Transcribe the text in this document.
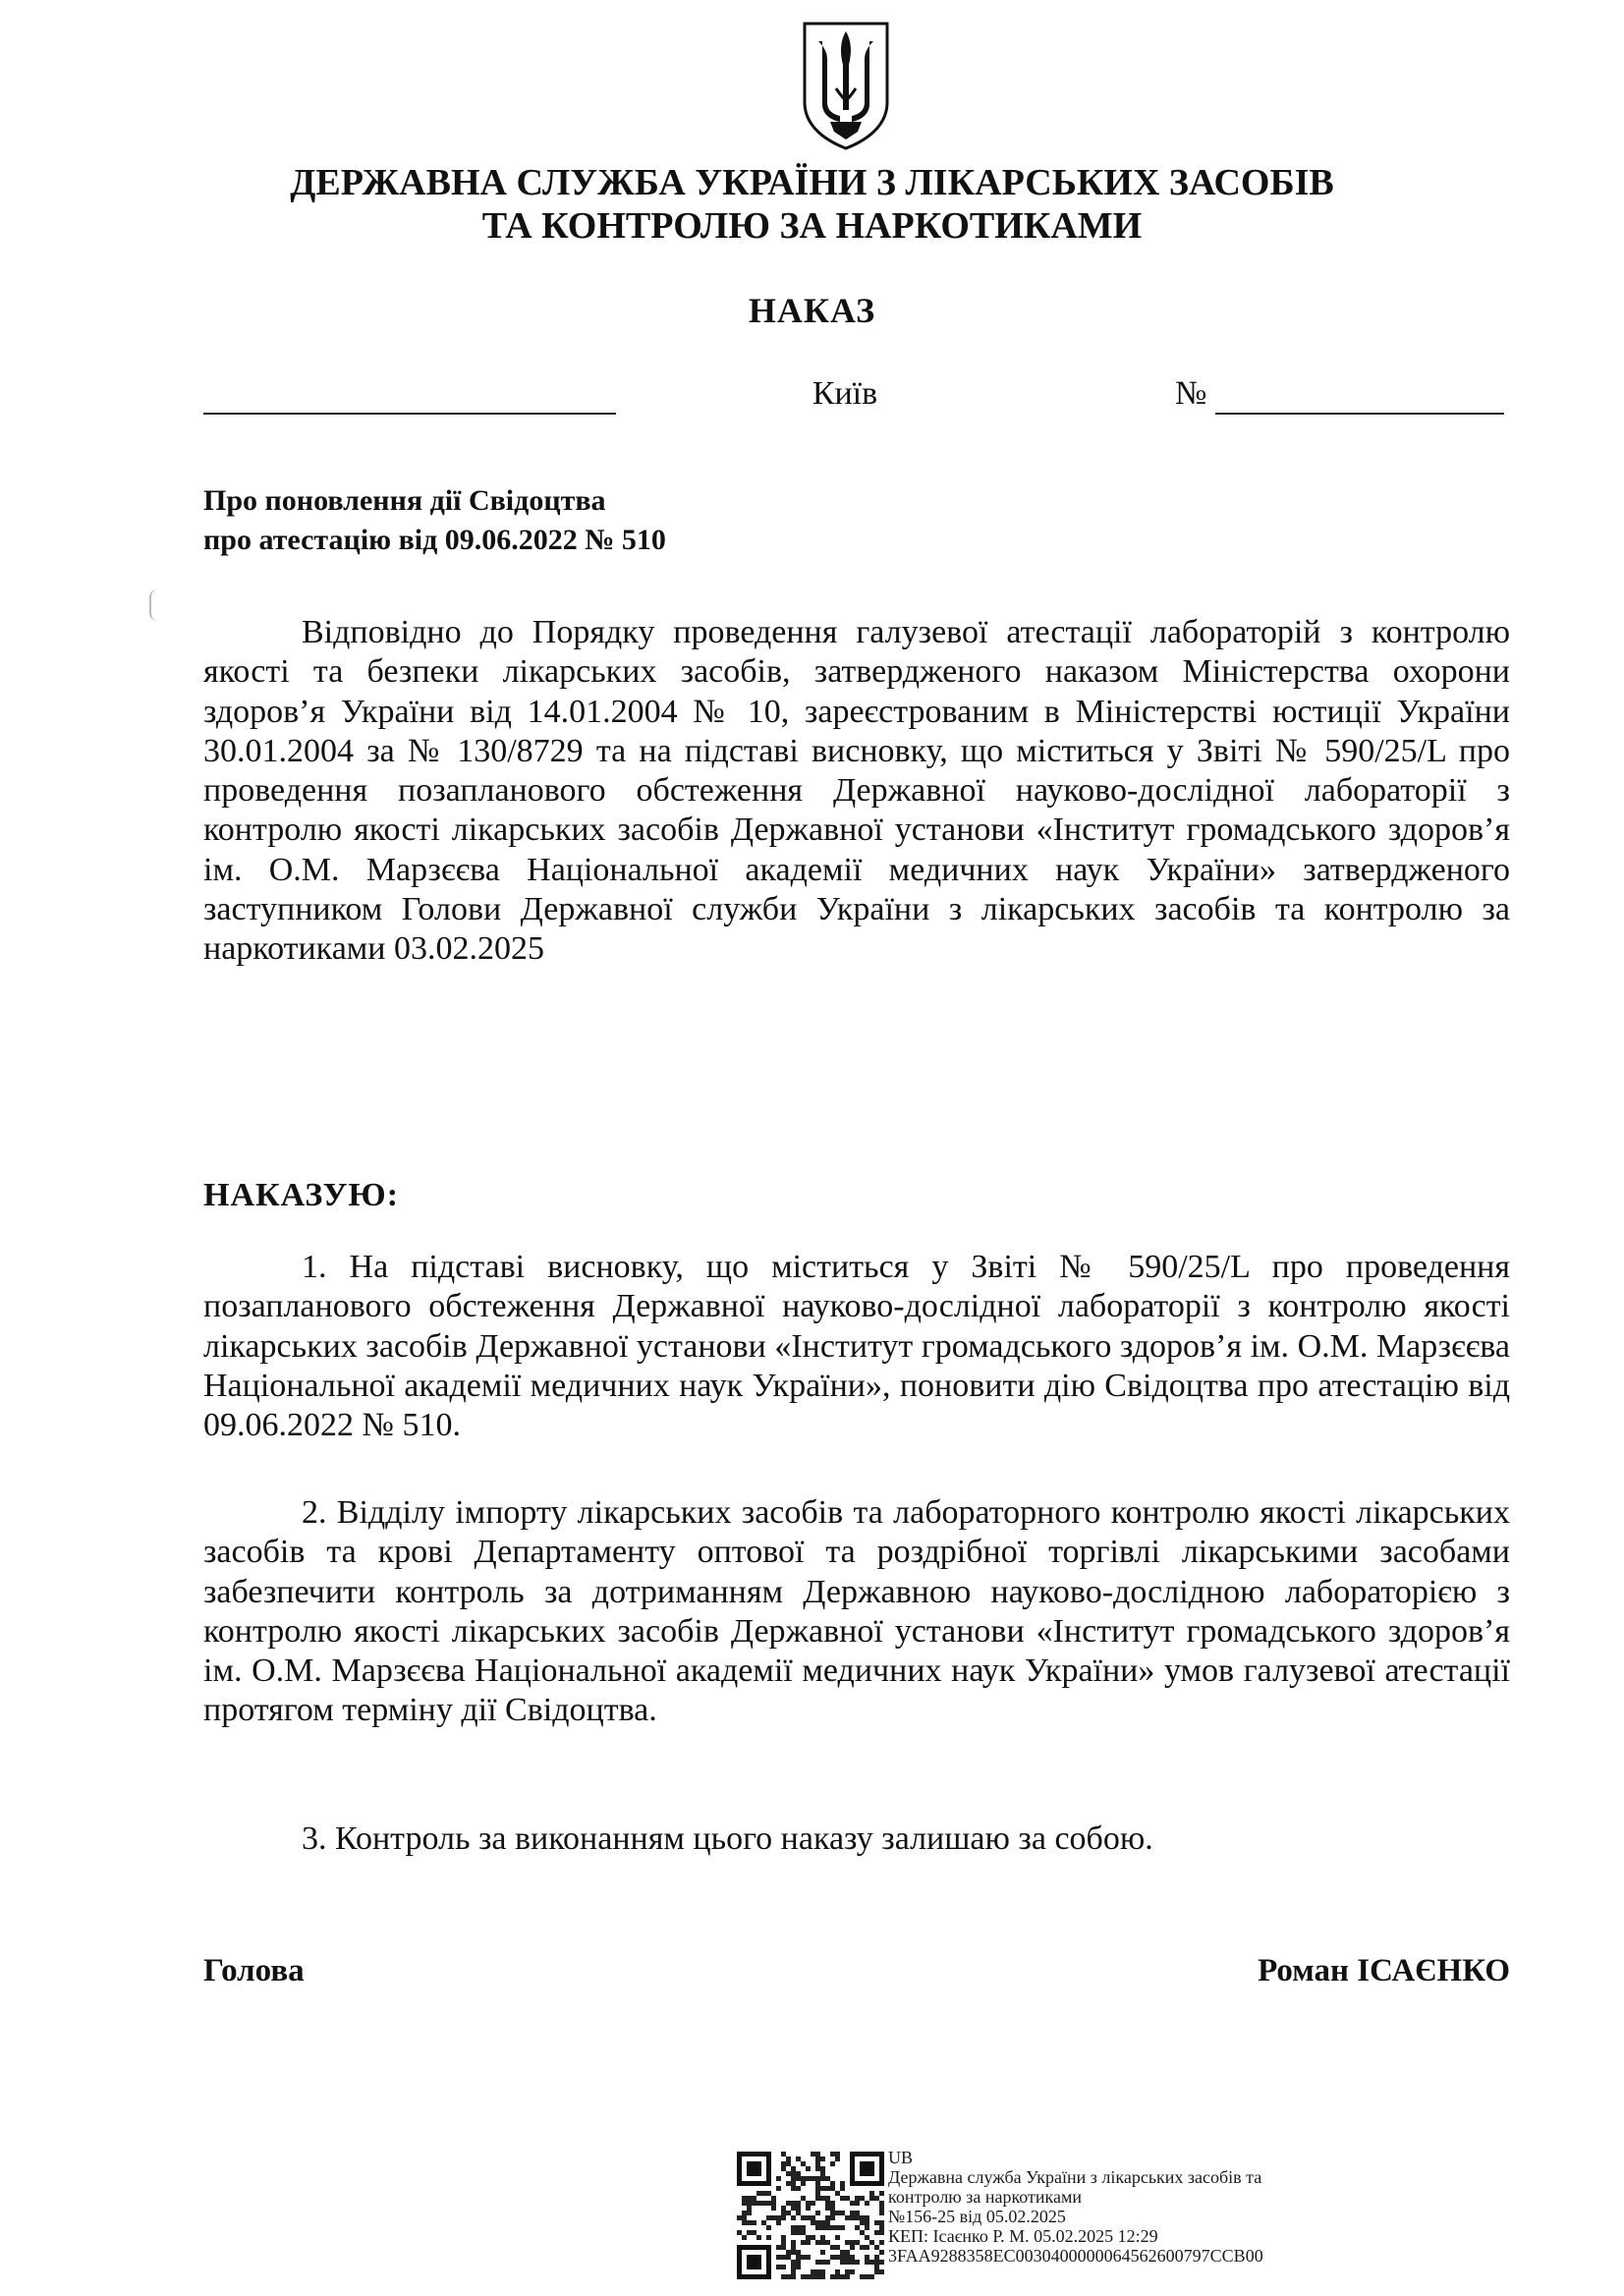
ДЕРЖАВНА СЛУЖБА УКРАЇНИ З ЛІКАРСЬКИХ ЗАСОБІВ
ТА КОНТРОЛЮ ЗА НАРКОТИКАМИ
НАКАЗ
Київ	№
Про поновлення дії Свідоцтва
про атестацію від 09.06.2022 № 510

Відповідно до Порядку проведення галузевої атестації лабораторій з контролю якості та безпеки лікарських засобів, затвердженого наказом Міністерства охорони здоров’я України від 14.01.2004 № 10, зареєстрованим в Міністерстві юстиції України 30.01.2004 за № 130/8729 та на підставі висновку, що міститься у Звіті № 590/25/L про проведення позапланового обстеження Державної науково-дослідної лабораторії з контролю якості лікарських засобів Державної установи «Інститут громадського здоров’я ім. О.М. Марзєєва Національної академії медичних наук України» затвердженого заступником Голови Державної служби України з лікарських засобів та контролю за наркотиками 03.02.2025

НАКАЗУЮ:

1. На підставі висновку, що міститься у Звіті № 590/25/L про проведення позапланового обстеження Державної науково-дослідної лабораторії з контролю якості лікарських засобів Державної установи «Інститут громадського здоров’я ім. О.М. Марзєєва Національної академії медичних наук України», поновити дію Свідоцтва про атестацію від 09.06.2022 № 510.

2. Відділу імпорту лікарських засобів та лабораторного контролю якості лікарських засобів та крові Департаменту оптової та роздрібної торгівлі лікарськими засобами забезпечити контроль за дотриманням Державною науково-дослідною лабораторією з контролю якості лікарських засобів Державної установи «Інститут громадського здоров’я ім. О.М. Марзєєва Національної академії медичних наук України» умов галузевої атестації протягом терміну дії Свідоцтва.

3. Контроль за виконанням цього наказу залишаю за собою.

Голова	Роман ІСАЄНКО
UB
Державна служба України з лікарських засобів та
контролю за наркотиками
№156-25 від 05.02.2025
КЕП: Ісаєнко Р. М. 05.02.2025 12:29
3FAA9288358EC0030400000064562600797CCB00
